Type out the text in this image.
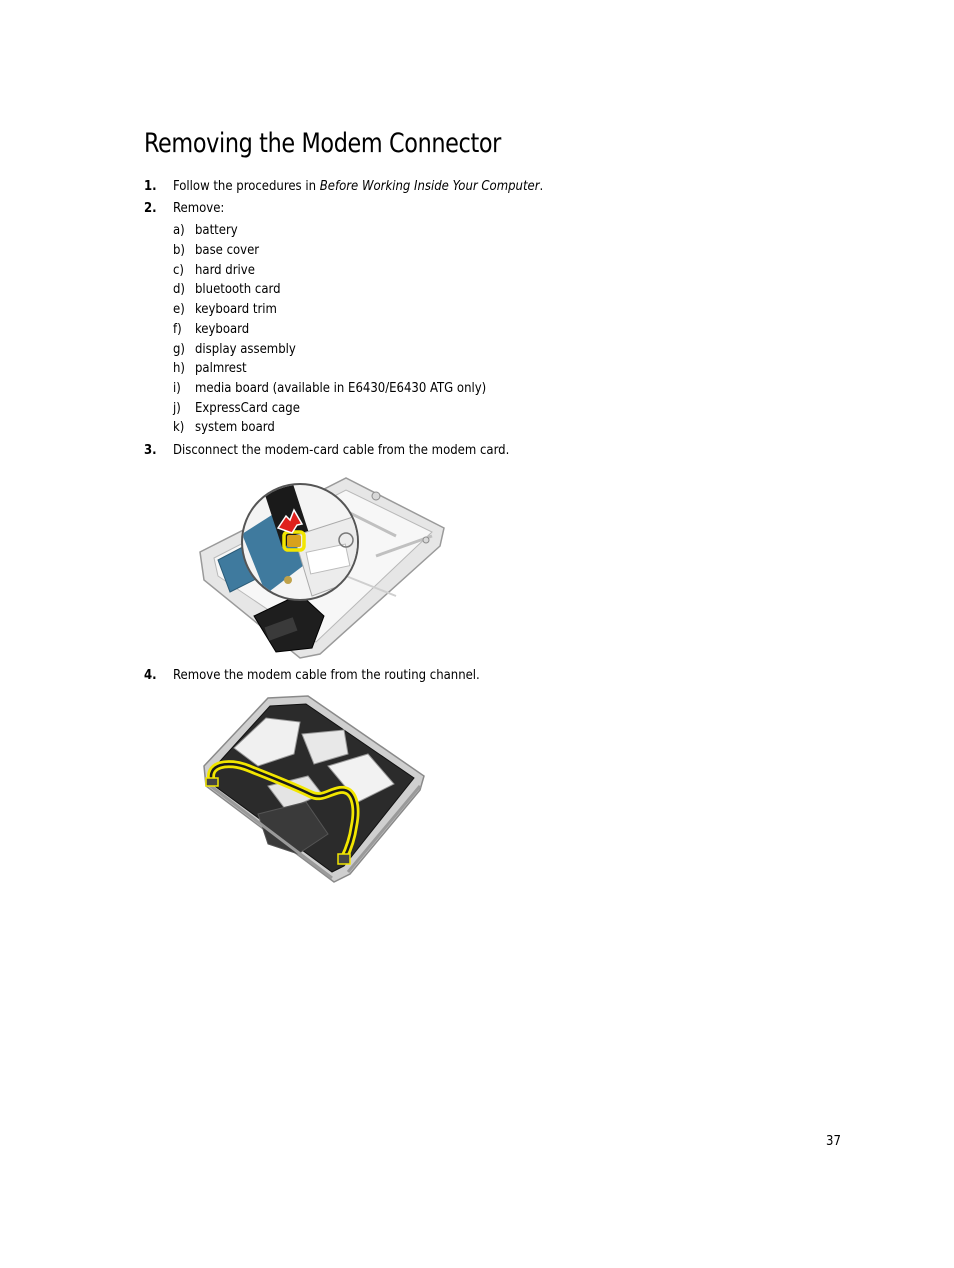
Removing the Modem Connector
1. Follow the procedures in Before Working Inside Your Computer.
2. Remove:
a) battery
b) base cover
c) hard drive
d) bluetooth card
e) keyboard trim
f) keyboard
g) display assembly
h) palmrest
i) media board (available in E6430/E6430 ATG only)
j) ExpressCard cage
k) system board
3. Disconnect the modem-card cable from the modem card.
4. Remove the modem cable from the routing channel.
37
